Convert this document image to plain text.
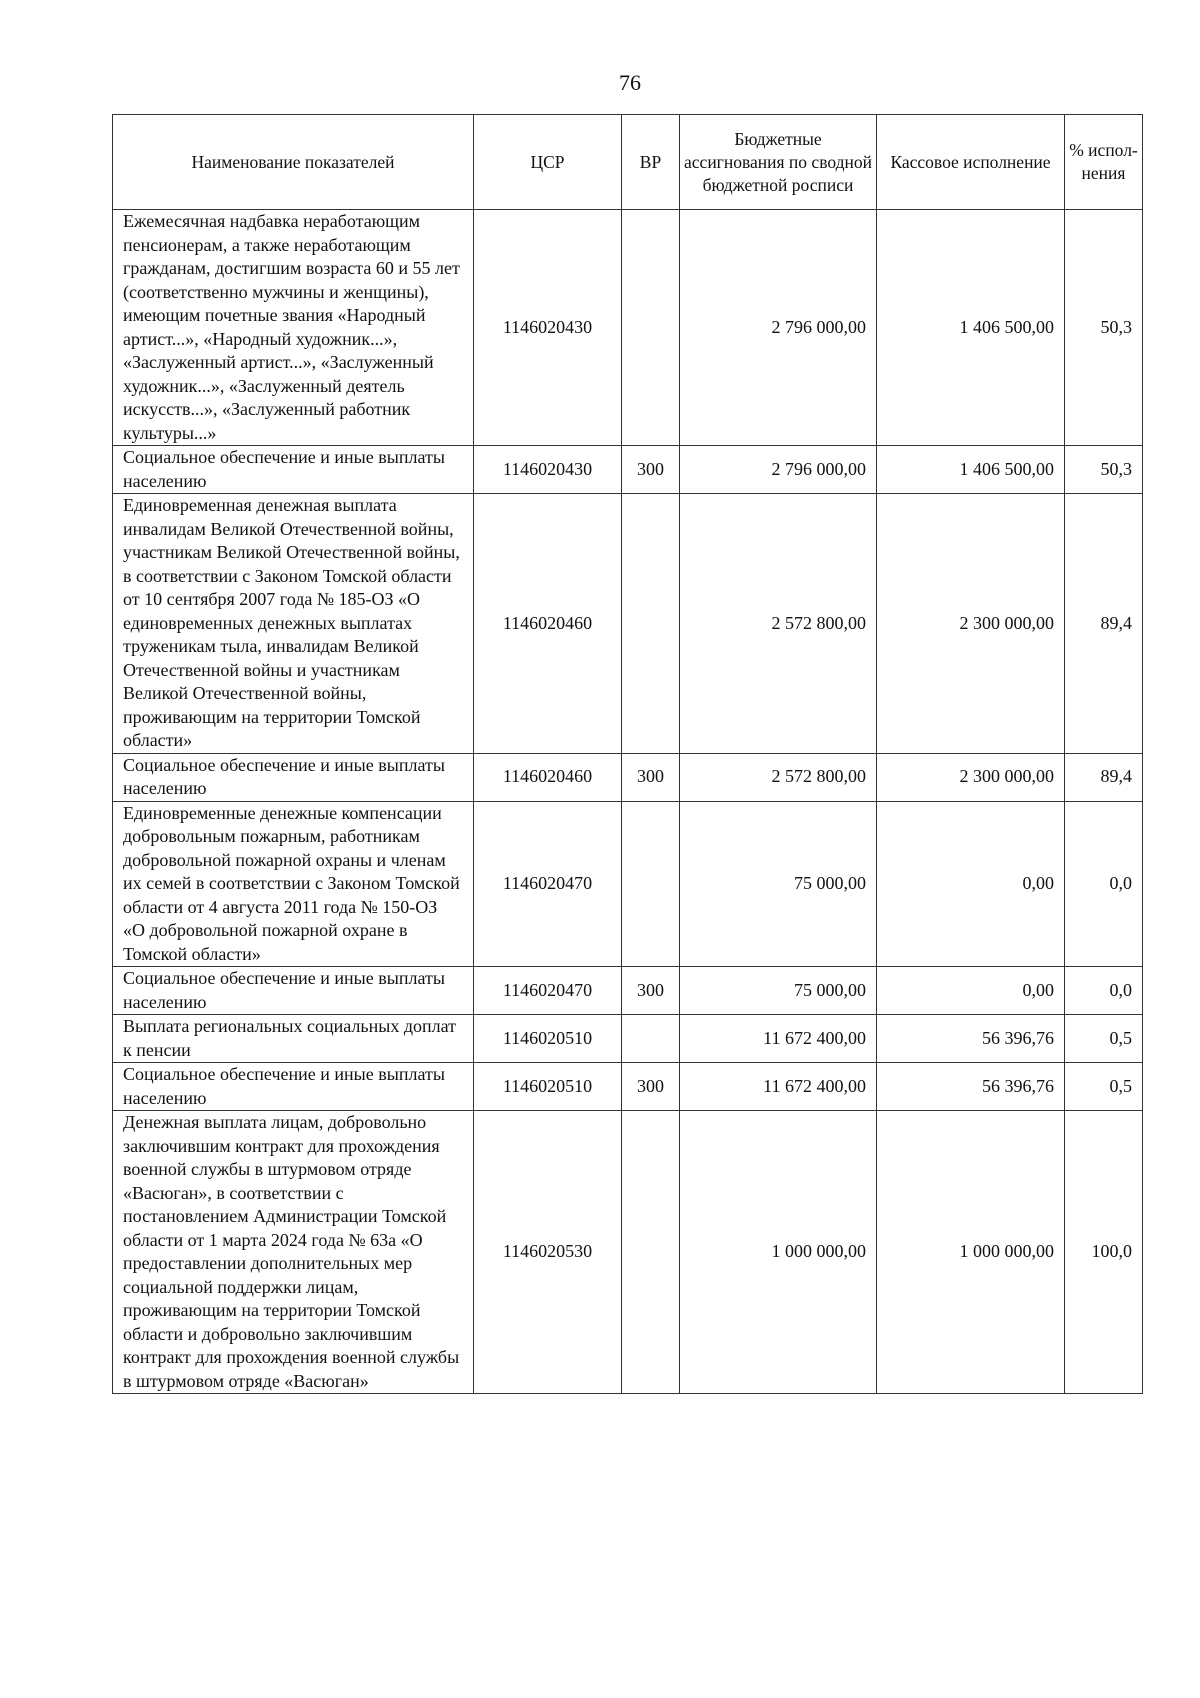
76
Наименование показателей	ЦСР	ВР	Бюджетные ассигнования по сводной бюджетной росписи	Кассовое исполнение	% испол-нения
Ежемесячная надбавка неработающим пенсионерам, а также неработающим гражданам, достигшим возраста 60 и 55 лет (соответственно мужчины и женщины), имеющим почетные звания «Народный артист...», «Народный художник...», «Заслуженный артист...», «Заслуженный художник...», «Заслуженный деятель искусств...», «Заслуженный работник культуры...»	1146020430		2 796 000,00	1 406 500,00	50,3
Социальное обеспечение и иные выплаты населению	1146020430	300	2 796 000,00	1 406 500,00	50,3
Единовременная денежная выплата инвалидам Великой Отечественной войны, участникам Великой Отечественной войны, в соответствии с Законом Томской области от 10 сентября 2007 года № 185-ОЗ «О единовременных денежных выплатах труженикам тыла, инвалидам Великой Отечественной войны и участникам Великой Отечественной войны, проживающим на территории Томской области»	1146020460		2 572 800,00	2 300 000,00	89,4
Социальное обеспечение и иные выплаты населению	1146020460	300	2 572 800,00	2 300 000,00	89,4
Единовременные денежные компенсации добровольным пожарным, работникам добровольной пожарной охраны и членам их семей в соответствии с Законом Томской области от 4 августа 2011 года № 150-ОЗ «О добровольной пожарной охране в Томской области»	1146020470		75 000,00	0,00	0,0
Социальное обеспечение и иные выплаты населению	1146020470	300	75 000,00	0,00	0,0
Выплата региональных социальных доплат к пенсии	1146020510		11 672 400,00	56 396,76	0,5
Социальное обеспечение и иные выплаты населению	1146020510	300	11 672 400,00	56 396,76	0,5
Денежная выплата лицам, добровольно заключившим контракт для прохождения военной службы в штурмовом отряде «Васюган», в соответствии с постановлением Администрации Томской области от 1 марта 2024 года № 63а «О предоставлении дополнительных мер социальной поддержки лицам, проживающим на территории Томской области и добровольно заключившим контракт для прохождения военной службы в штурмовом отряде «Васюган»	1146020530		1 000 000,00	1 000 000,00	100,0
